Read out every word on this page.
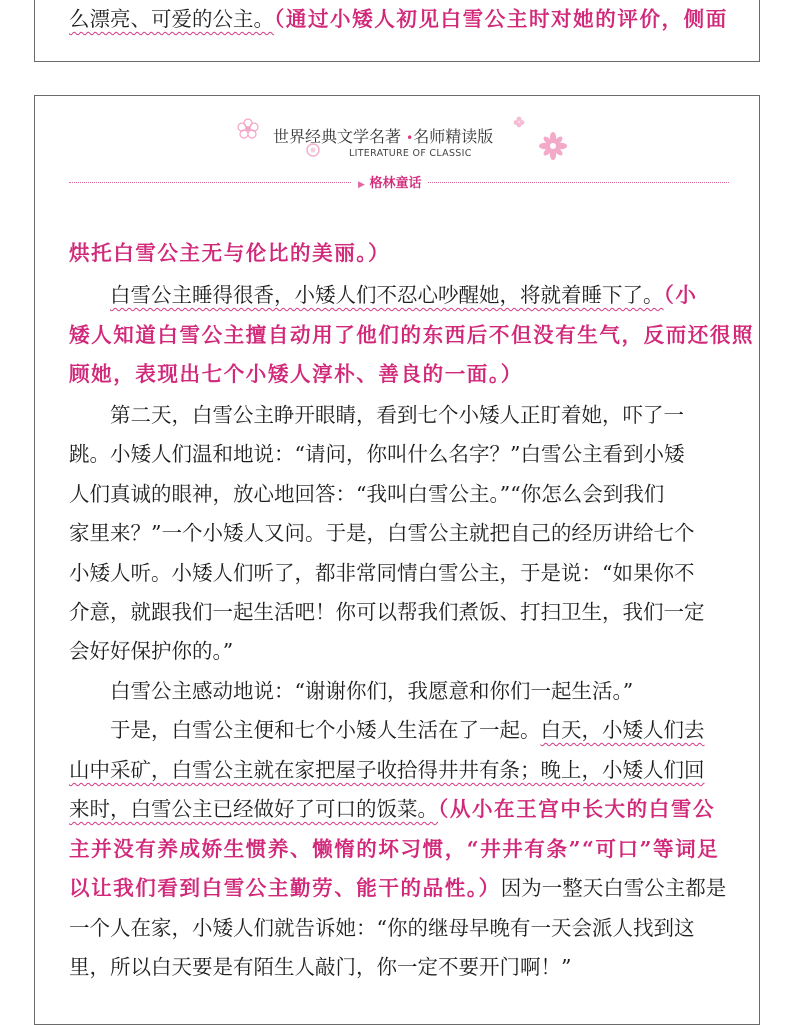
么漂亮、可爱的公主。（通过小矮人初见白雪公主时对她的评价，侧面
世界经典文学名著 •名师精读版
LITERATURE OF CLASSIC
▶ 格林童话
烘托白雪公主无与伦比的美丽。）
白雪公主睡得很香，小矮人们不忍心吵醒她，将就着睡下了。（小
矮人知道白雪公主擅自动用了他们的东西后不但没有生气，反而还很照
顾她，表现出七个小矮人淳朴、善良的一面。）
第二天，白雪公主睁开眼睛，看到七个小矮人正盯着她，吓了一
跳。小矮人们温和地说：“请问，你叫什么名字？”白雪公主看到小矮
人们真诚的眼神，放心地回答：“我叫白雪公主。”“你怎么会到我们
家里来？”一个小矮人又问。于是，白雪公主就把自己的经历讲给七个
小矮人听。小矮人们听了，都非常同情白雪公主，于是说：“如果你不
介意，就跟我们一起生活吧！你可以帮我们煮饭、打扫卫生，我们一定
会好好保护你的。”
白雪公主感动地说：“谢谢你们，我愿意和你们一起生活。”
于是，白雪公主便和七个小矮人生活在了一起。白天，小矮人们去
山中采矿，白雪公主就在家把屋子收拾得井井有条；晚上，小矮人们回
来时，白雪公主已经做好了可口的饭菜。（从小在王宫中长大的白雪公
主并没有养成娇生惯养、懒惰的坏习惯，“井井有条”“可口”等词足
以让我们看到白雪公主勤劳、能干的品性。）因为一整天白雪公主都是
一个人在家，小矮人们就告诉她：“你的继母早晚有一天会派人找到这
里，所以白天要是有陌生人敲门，你一定不要开门啊！”
